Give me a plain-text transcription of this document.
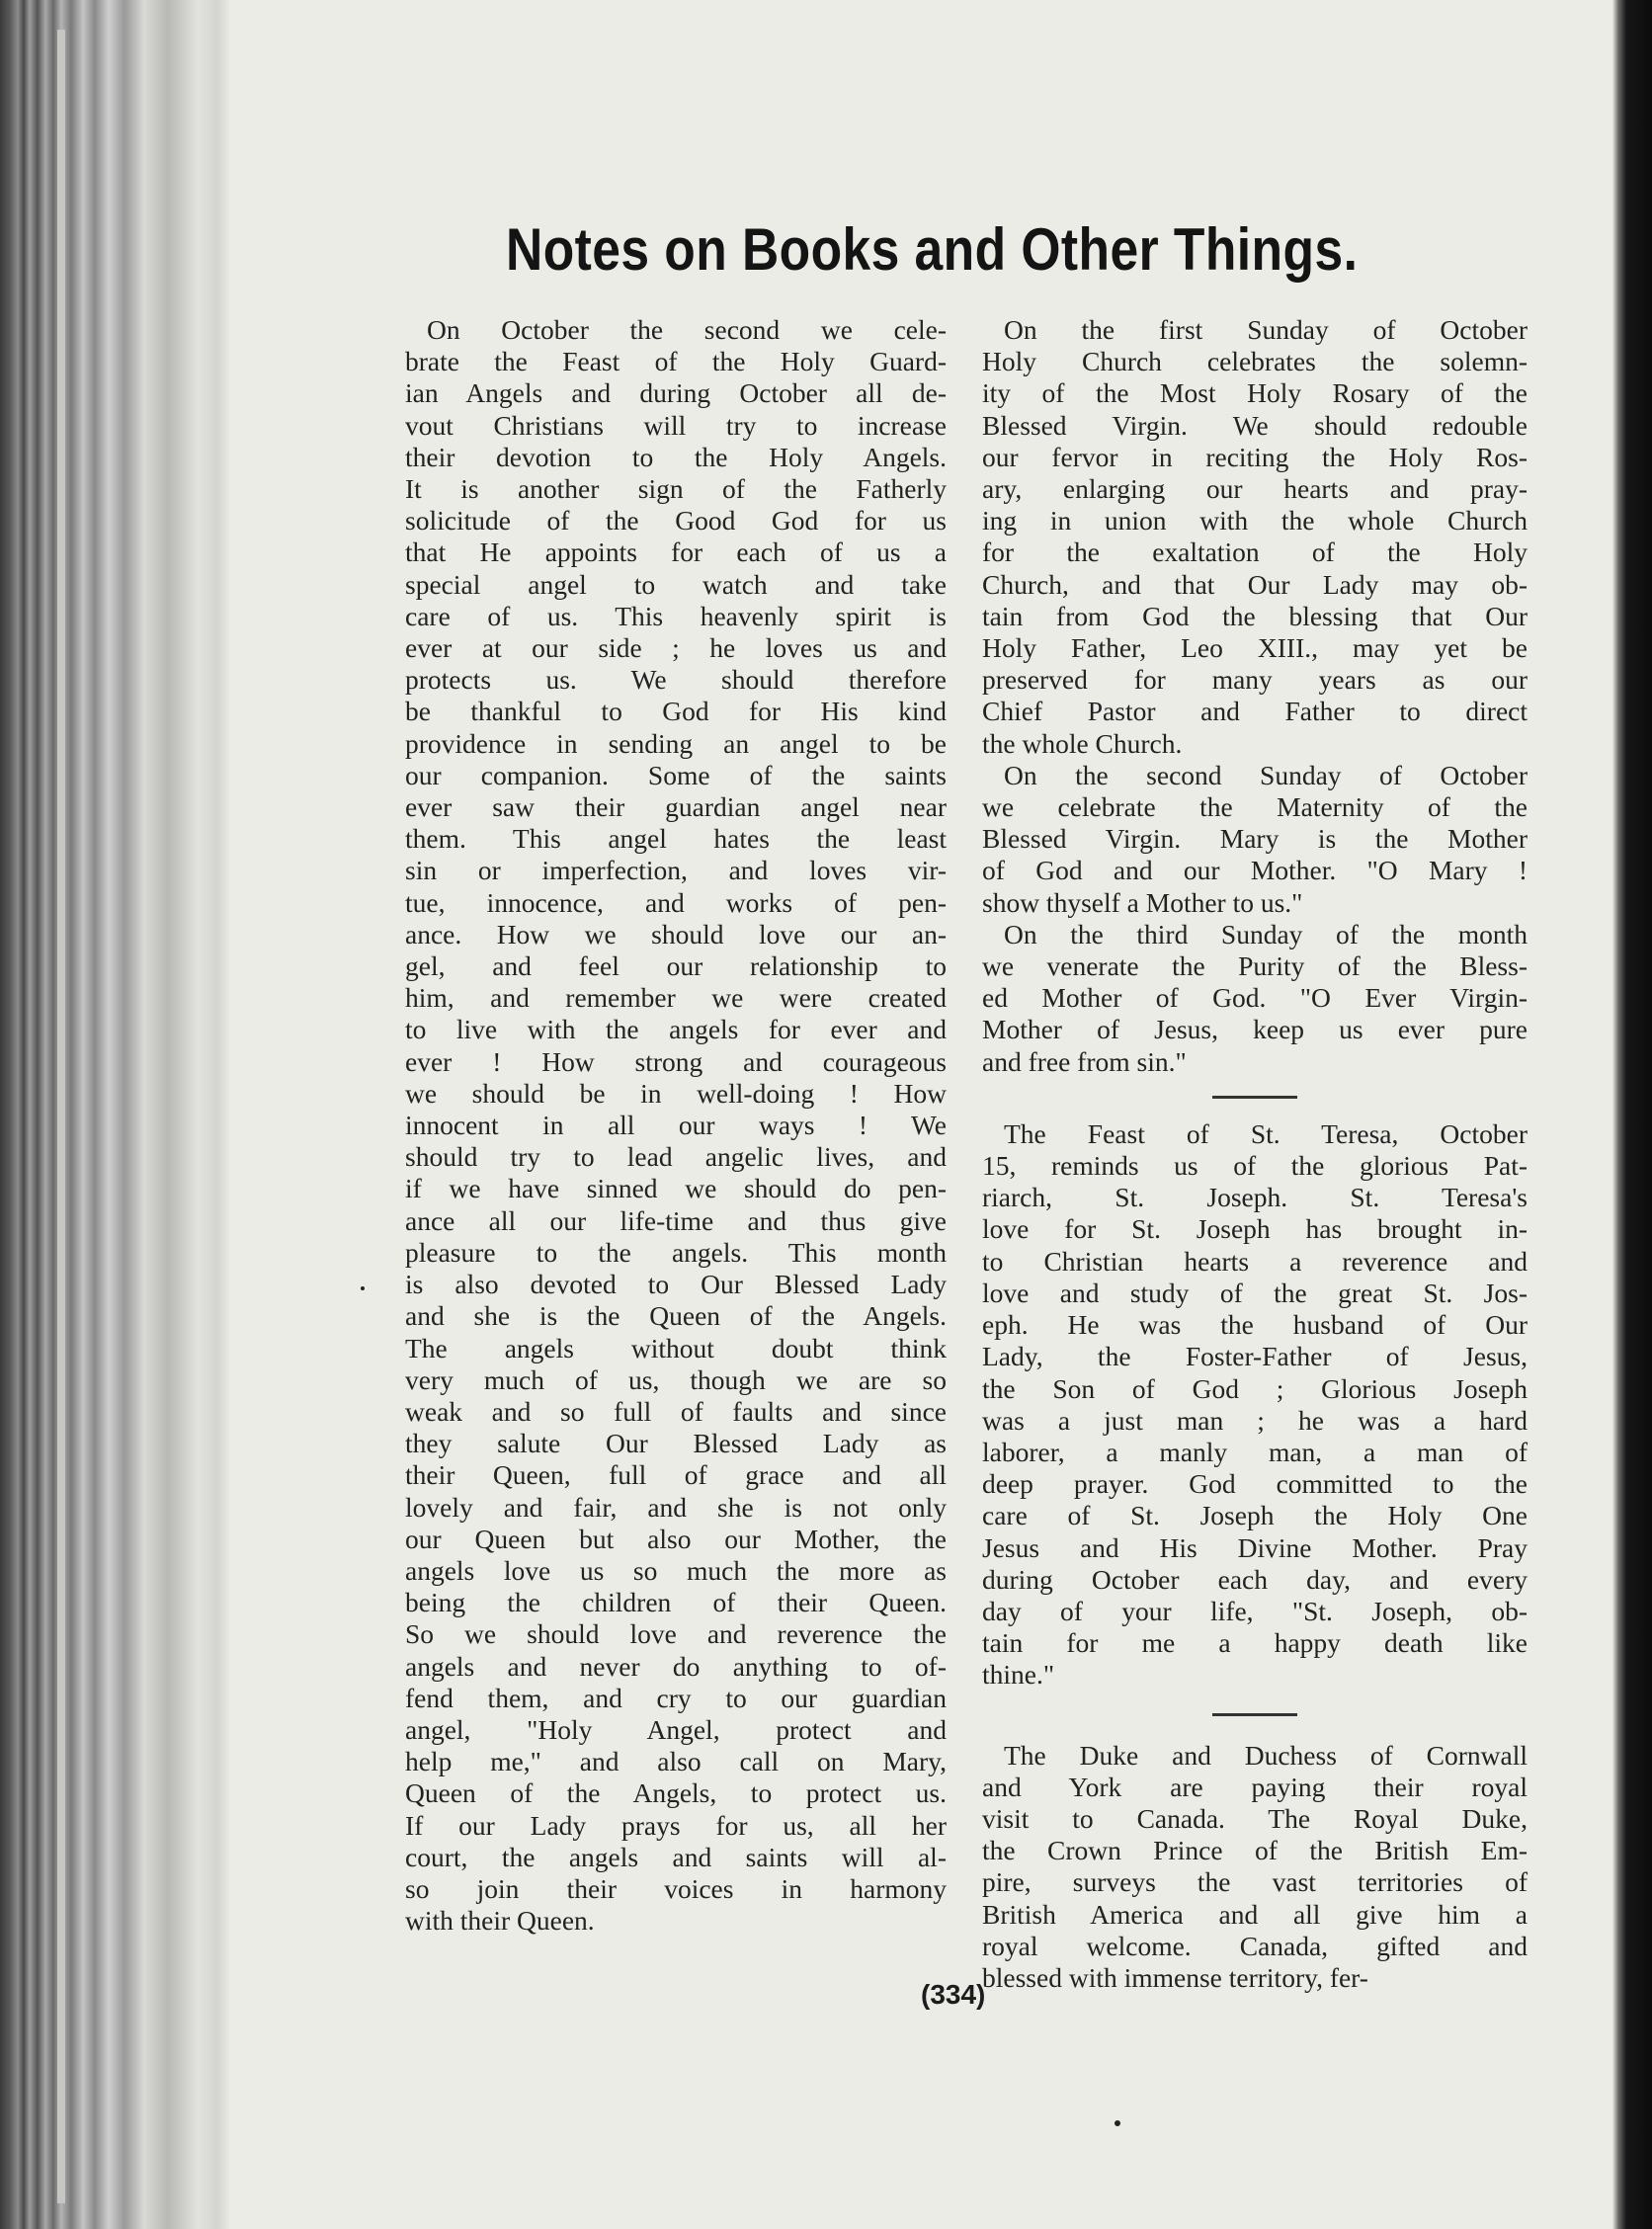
Notes on Books and Other Things.
On October the second we cele-
brate the Feast of the Holy Guard-
ian Angels and during October all de-
vout Christians will try to increase
their devotion to the Holy Angels.
It is another sign of the Fatherly
solicitude of the Good God for us
that He appoints for each of us a
special angel to watch and take
care of us. This heavenly spirit is
ever at our side ; he loves us and
protects us. We should therefore
be thankful to God for His kind
providence in sending an angel to be
our companion. Some of the saints
ever saw their guardian angel near
them. This angel hates the least
sin or imperfection, and loves vir-
tue, innocence, and works of pen-
ance. How we should love our an-
gel, and feel our relationship to
him, and remember we were created
to live with the angels for ever and
ever ! How strong and courageous
we should be in well-doing ! How
innocent in all our ways ! We
should try to lead angelic lives, and
if we have sinned we should do pen-
ance all our life-time and thus give
pleasure to the angels. This month
is also devoted to Our Blessed Lady
and she is the Queen of the Angels.
The angels without doubt think
very much of us, though we are so
weak and so full of faults and since
they salute Our Blessed Lady as
their Queen, full of grace and all
lovely and fair, and she is not only
our Queen but also our Mother, the
angels love us so much the more as
being the children of their Queen.
So we should love and reverence the
angels and never do anything to of-
fend them, and cry to our guardian
angel, "Holy Angel, protect and
help me," and also call on Mary,
Queen of the Angels, to protect us.
If our Lady prays for us, all her
court, the angels and saints will al-
so join their voices in harmony
with their Queen.
On the first Sunday of October
Holy Church celebrates the solemn-
ity of the Most Holy Rosary of the
Blessed Virgin. We should redouble
our fervor in reciting the Holy Ros-
ary, enlarging our hearts and pray-
ing in union with the whole Church
for the exaltation of the Holy
Church, and that Our Lady may ob-
tain from God the blessing that Our
Holy Father, Leo XIII., may yet be
preserved for many years as our
Chief Pastor and Father to direct
the whole Church.
On the second Sunday of October
we celebrate the Maternity of the
Blessed Virgin. Mary is the Mother
of God and our Mother. "O Mary !
show thyself a Mother to us."
On the third Sunday of the month
we venerate the Purity of the Bless-
ed Mother of God. "O Ever Virgin-
Mother of Jesus, keep us ever pure
and free from sin."
The Feast of St. Teresa, October
15, reminds us of the glorious Pat-
riarch, St. Joseph. St. Teresa's
love for St. Joseph has brought in-
to Christian hearts a reverence and
love and study of the great St. Jos-
eph. He was the husband of Our
Lady, the Foster-Father of Jesus,
the Son of God ; Glorious Joseph
was a just man ; he was a hard
laborer, a manly man, a man of
deep prayer. God committed to the
care of St. Joseph the Holy One
Jesus and His Divine Mother. Pray
during October each day, and every
day of your life, "St. Joseph, ob-
tain for me a happy death like
thine."
The Duke and Duchess of Cornwall
and York are paying their royal
visit to Canada. The Royal Duke,
the Crown Prince of the British Em-
pire, surveys the vast territories of
British America and all give him a
royal welcome. Canada, gifted and
blessed with immense territory, fer-
(334)
